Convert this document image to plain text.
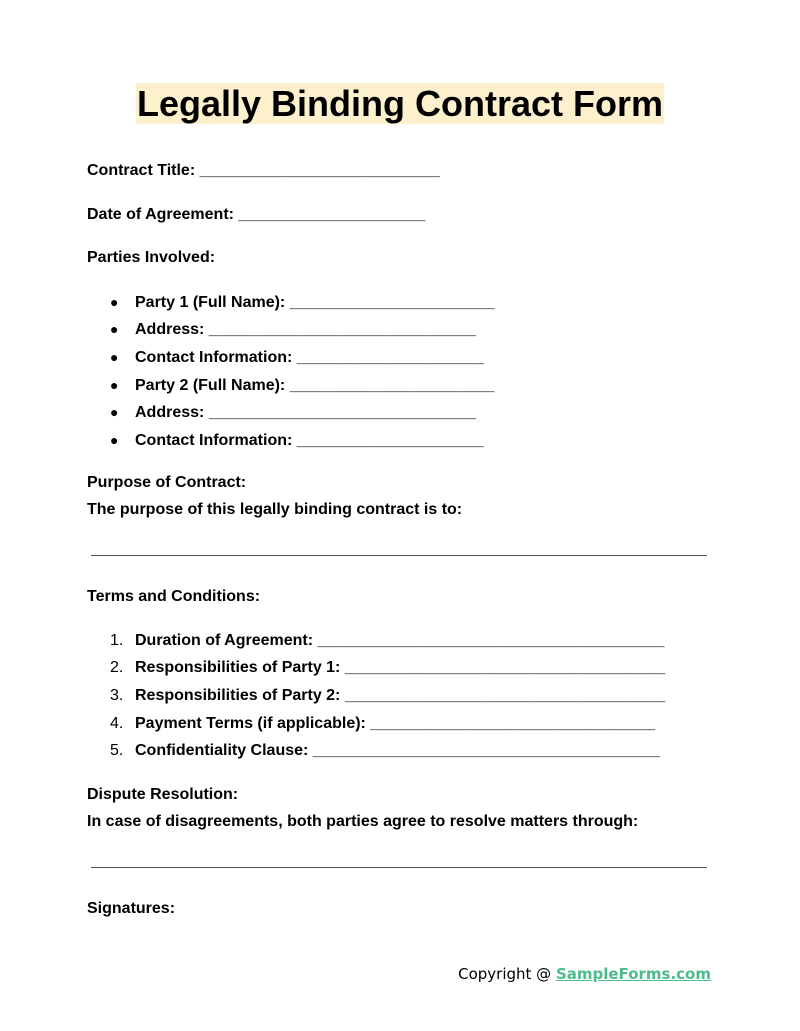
Legally Binding Contract Form
Contract Title: ___________________________
Date of Agreement: _____________________
Parties Involved:
● Party 1 (Full Name): _______________________
● Address: ______________________________
● Contact Information: _____________________
● Party 2 (Full Name): _______________________
● Address: ______________________________
● Contact Information: _____________________
Purpose of Contract:
The purpose of this legally binding contract is to:
Terms and Conditions:
1. Duration of Agreement: _______________________________________
2. Responsibilities of Party 1: ____________________________________
3. Responsibilities of Party 2: ____________________________________
4. Payment Terms (if applicable): ________________________________
5. Confidentiality Clause: _______________________________________
Dispute Resolution:
In case of disagreements, both parties agree to resolve matters through:
Signatures:
Copyright @ SampleForms.com
